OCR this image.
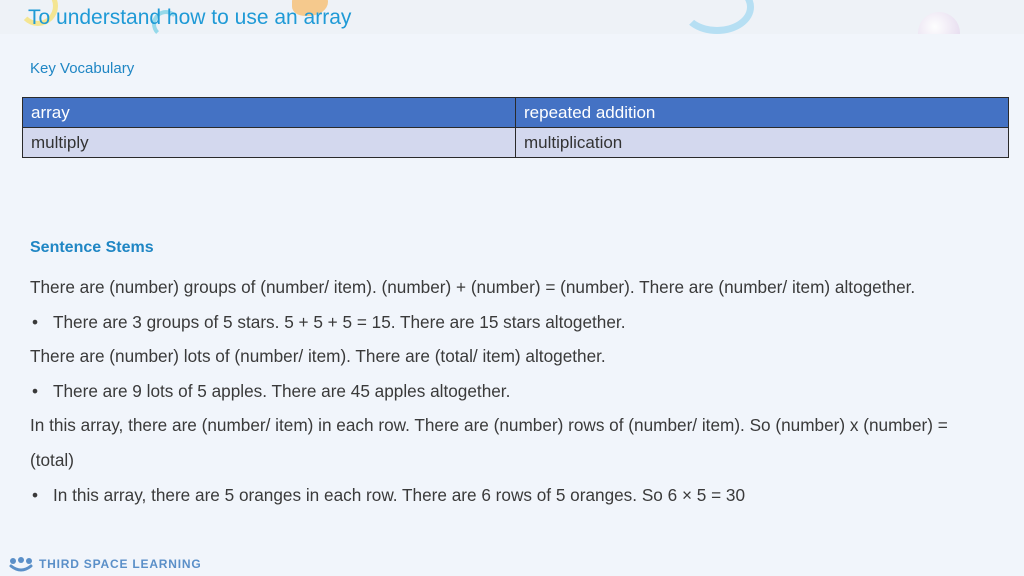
To understand how to use an array
Key Vocabulary
array	repeated addition
multiply	multiplication
Sentence Stems

There are (number) groups of (number/ item). (number) + (number) = (number). There are (number/ item) altogether.

• There are 3 groups of 5 stars. 5 + 5 + 5 = 15. There are 15 stars altogether.

There are (number) lots of (number/ item). There are (total/ item) altogether.

• There are 9 lots of 5 apples. There are 45 apples altogether.

In this array, there are (number/ item) in each row. There are (number) rows of (number/ item). So (number) x (number) = (total)

• In this array, there are 5 oranges in each row. There are 6 rows of 5 oranges. So 6 × 5 = 30

THIRD SPACE LEARNING
